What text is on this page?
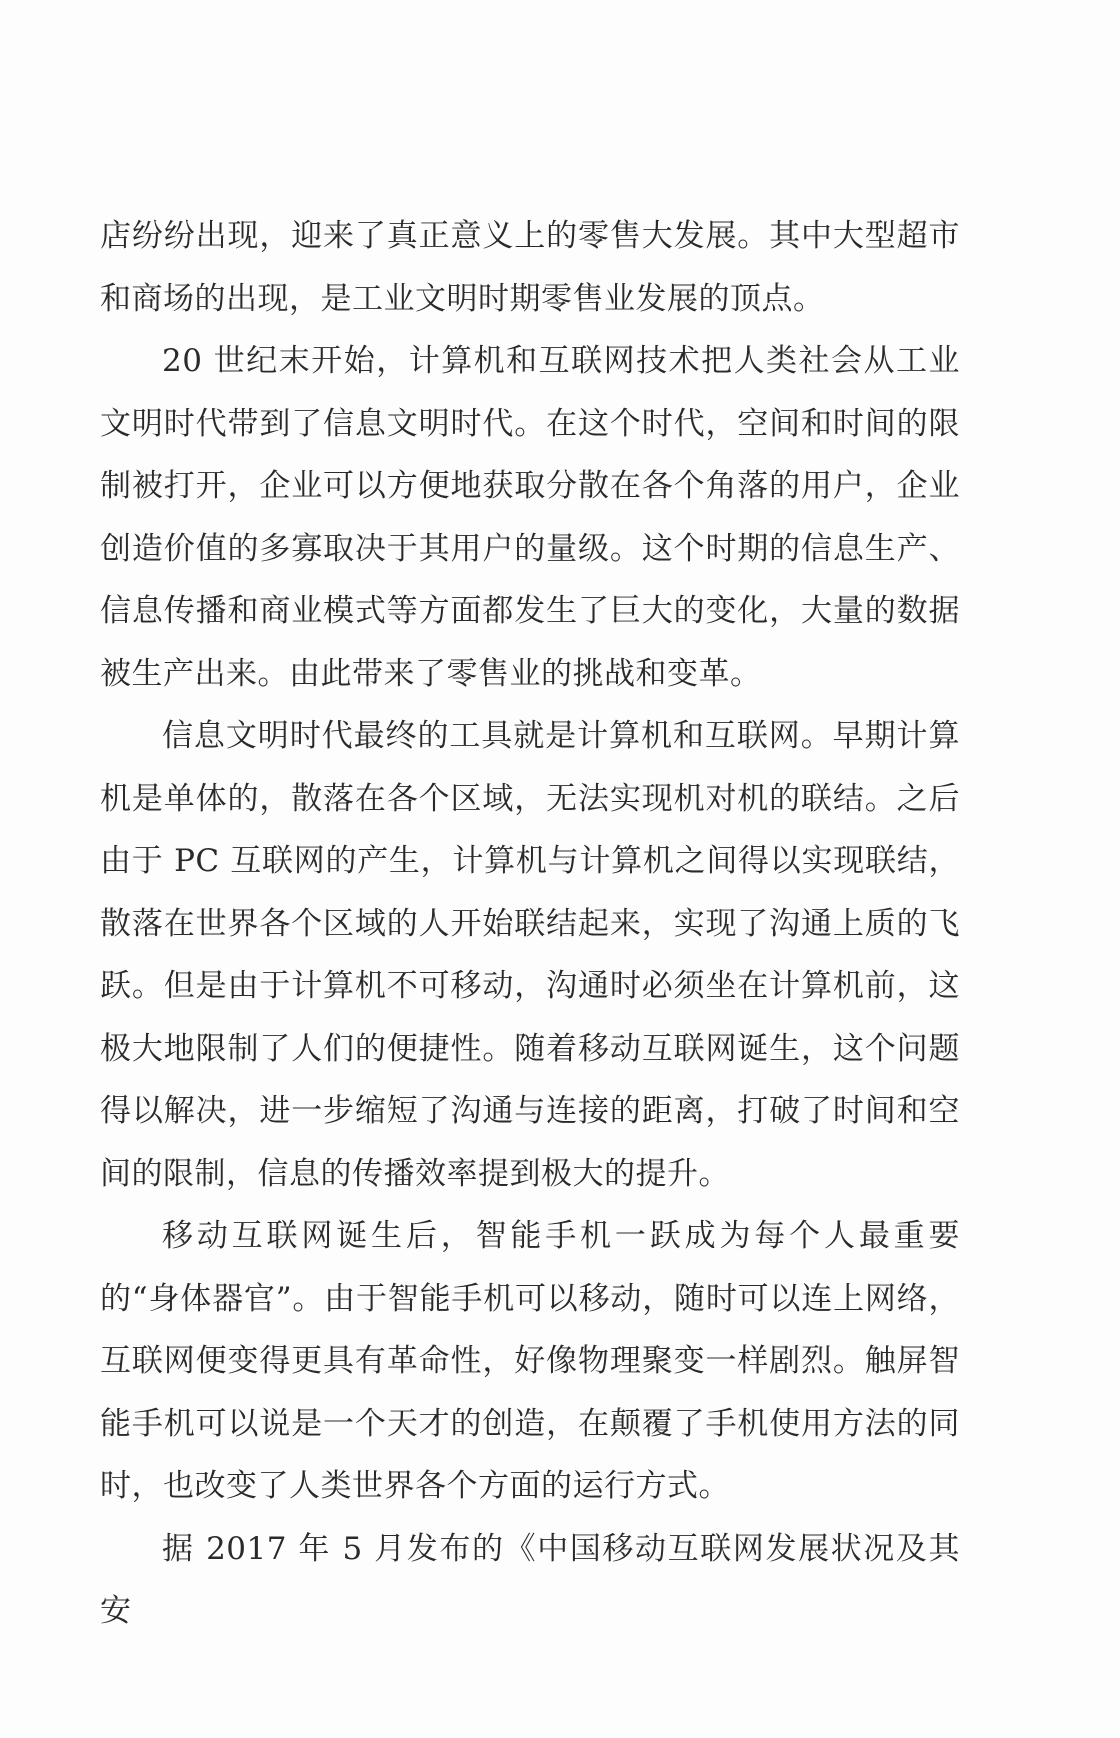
店纷纷出现，迎来了真正意义上的零售大发展。其中大型超市和商场的出现，是工业文明时期零售业发展的顶点。

20 世纪末开始，计算机和互联网技术把人类社会从工业文明时代带到了信息文明时代。在这个时代，空间和时间的限制被打开，企业可以方便地获取分散在各个角落的用户，企业创造价值的多寡取决于其用户的量级。这个时期的信息生产、信息传播和商业模式等方面都发生了巨大的变化，大量的数据被生产出来。由此带来了零售业的挑战和变革。

信息文明时代最终的工具就是计算机和互联网。早期计算机是单体的，散落在各个区域，无法实现机对机的联结。之后由于 PC 互联网的产生，计算机与计算机之间得以实现联结，散落在世界各个区域的人开始联结起来，实现了沟通上质的飞跃。但是由于计算机不可移动，沟通时必须坐在计算机前，这极大地限制了人们的便捷性。随着移动互联网诞生，这个问题得以解决，进一步缩短了沟通与连接的距离，打破了时间和空间的限制，信息的传播效率提到极大的提升。

移动互联网诞生后，智能手机一跃成为每个人最重要的“身体器官”。由于智能手机可以移动，随时可以连上网络，互联网便变得更具有革命性，好像物理聚变一样剧烈。触屏智能手机可以说是一个天才的创造，在颠覆了手机使用方法的同时，也改变了人类世界各个方面的运行方式。

据 2017 年 5 月发布的《中国移动互联网发展状况及其安
